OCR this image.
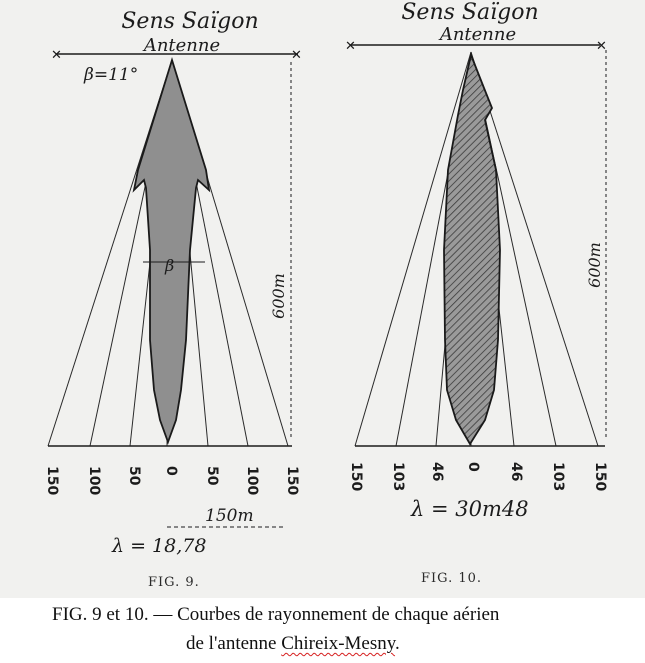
Sens Saïgon
Antenne
✕	✕
β=11°
β
600m
150 100 50 0 50 100 150
150m
λ = 18,78
FIG. 9.
Sens Saïgon
Antenne
✕	✕
600m
150 103 46 0 46 103 150
λ = 30m48
FIG. 10.
FIG. 9 et 10. — Courbes de rayonnement de chaque aérien
de l'antenne Chireix-Mesny.
